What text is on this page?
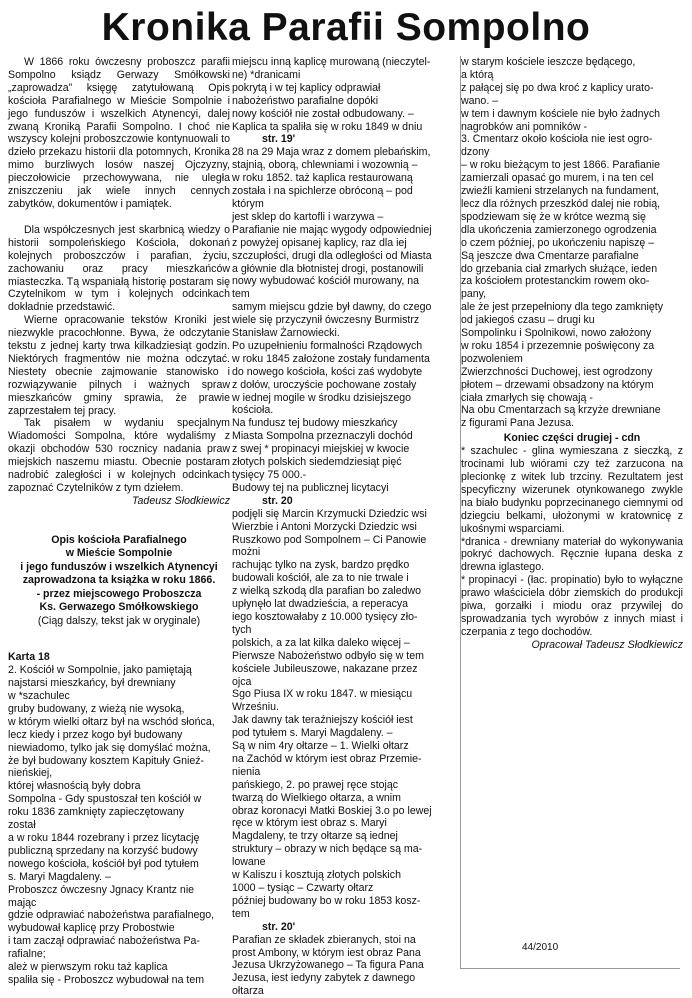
Kronika Parafii Sompolno

W 1866 roku ówczesny proboszcz parafii Sompolno ksiądz Gerwazy Smółkowski „zaprowadza” księgę zatytułowaną Opis kościoła Parafialnego w Mieście Sompolnie i jego funduszów i wszelkich Atynencyi, dalej zwaną Kroniką Parafii Sompolno. I choć nie wszyscy kolejni proboszczowie kontynuowali to dzieło przekazu historii dla potomnych, Kronika mimo burzliwych losów naszej Ojczyzny, pieczołowicie przechowywana, nie uległa zniszczeniu jak wiele innych cennych zabytków, dokumentów i pamiątek.

Dla współczesnych jest skarbnicą wiedzy o historii sompoleńskiego Kościoła, dokonań kolejnych proboszczów i parafian, życiu, zachowaniu oraz pracy mieszkańców miasteczka. Tą wspaniałą historię postaram się Czytelnikom w tym i kolejnych odcinkach dokładnie przedstawić.

Wierne opracowanie tekstów Kroniki jest niezwykle pracochłonne. Bywa, że odczytanie tekstu z jednej karty trwa kilkadziesiąt godzin. Niektórych fragmentów nie można odczytać. Niestety obecnie zajmowanie stanowisko i rozwiązywanie pilnych i ważnych spraw mieszkańców gminy sprawia, że prawie zaprzestałem tej pracy.

Tak pisałem w wydaniu specjalnym Wiadomości Sompolna, które wydaliśmy z okazji obchodów 530 rocznicy nadania praw miejskich naszemu miastu. Obecnie postaram nadrobić zaległości i w kolejnych odcinkach zapoznać Czytelników z tym dziełem.

Tadeusz Słodkiewicz

Opis kościoła Parafialnego
w Mieście Sompolnie
i jego funduszów i wszelkich Atynencyi
zaprowadzona ta książka w roku 1866.
- przez miejscowego Proboszcza
Ks. Gerwazego Smółkowskiego
(Ciąg dalszy, tekst jak w oryginale)
Karta 18
2. Kościół w Sompolnie, jako pamiętają
najstarsi mieszkańcy, był drewniany
w *szachulec
gruby budowany, z wieżą nie wysoką,
w którym wielki ołtarz był na wschód słońca,
lecz kiedy i przez kogo był budowany
niewiadomo, tylko jak się domyślać można,
że był budowany kosztem Kapituły Gnieź-
nieńskiej,
której własnością były dobra
Sompolna - Gdy spustoszał ten kościół w
roku 1836 zamknięty zapieczętowany
został
a w roku 1844 rozebrany i przez licytację
publiczną sprzedany na korzyść budowy
nowego kościoła, kościół był pod tytułem
s. Maryi Magdaleny. –
Proboszcz ówczesny Jgnacy Krantz nie
mając
gdzie odprawiać nabożeństwa parafialnego,
wybudował kaplicę przy Probostwie
i tam zaczął odprawiać nabożeństwa Pa-
rafialne;
ależ w pierwszym roku taż kaplica
spaliła się - Proboszcz wybudował na tem
miejscu inną kaplicę murowaną (nieczytel-
ne) *dranicami
pokrytą i w tej kaplicy odprawiał
nabożeństwo parafialne dopóki
nowy kościół nie został odbudowany. –
Kaplica ta spaliła się w roku 1849 w dniu
str. 19'
28 na 29 Maja wraz z domem plebańskim,
stajnią, oborą, chlewniami i wozownią –
w roku 1852. taż kaplica restaurowaną
została i na spichlerze obróconą – pod
którym
jest sklep do kartofli i warzywa –
Parafianie nie mając wygody odpowiedniej
z powyżej opisanej kaplicy, raz dla iej
szczupłości, drugi dla odległości od Miasta
a głównie dla błotnistej drogi, postanowili
nowy wybudować kościół murowany, na
tem
samym miejscu gdzie był dawny, do czego
wiele się przyczynił ówczesny Burmistrz
Stanisław Żarnowiecki.
Po uzupełnieniu formalności Rządowych
w roku 1845 założone zostały fundamenta
do nowego kościoła, kości zaś wydobyte
z dołów, uroczyście pochowane zostały
w iednej mogile w środku dzisiejszego
kościoła.
Na fundusz tej budowy mieszkańcy
Miasta Sompolna przeznaczyli dochód
z swej * propinacyi miejskiej w kwocie
złotych polskich siedemdziesiąt pięć
tysięcy 75 000.-
Budowy tej na publicznej licytacyi
str. 20
podjęli się Marcin Krzymucki Dziedzic wsi
Wierzbie i Antoni Morzycki Dziedzic wsi
Ruszkowo pod Sompolnem – Ci Panowie
możni
rachując tylko na zysk, bardzo prędko
budowali kościół, ale za to nie trwale i
z wielką szkodą dla parafian bo zaledwo
upłynęło lat dwadzieścia, a reperacya
iego kosztowałaby z 10.000 tysięcy zło-
tych
polskich, a za lat kilka daleko więcej –
Pierwsze Nabożeństwo odbyło się w tem
kościele Jubileuszowe, nakazane przez
ojca
Sgo Piusa IX w roku 1847. w miesiącu
Wrześniu.
Jak dawny tak teraźniejszy kościół iest
pod tytułem s. Maryi Magdaleny. –
Są w nim 4ry ołtarze – 1. Wielki ołtarz
na Zachód w którym iest obraz Przemie-
nienia
pańskiego, 2. po prawej ręce stojąc
twarzą do Wielkiego ołtarza, a wnim
obraz koronacyi Matki Boskiej 3.o po lewej
ręce w którym iest obraz s. Maryi
Magdaleny, te trzy ołtarze są iednej
struktury – obrazy w nich będące są ma-
lowane
w Kaliszu i kosztują złotych polskich
1000 – tysiąc – Czwarty ołtarz
później budowany bo w roku 1853 kosz-
tem
str. 20'
Parafian ze składek zbieranych, stoi na
prost Ambony, w którym iest obraz Pana
Jezusa Ukrzyżowanego – Ta figura Pana
Jezusa, iest iedyny zabytek z dawnego
ołtarza
w starym kościele ieszcze będącego,
a którą
z pałącej się po dwa kroć z kaplicy urato-
wano. –
w tem i dawnym kościele nie było żadnych
nagrobków ani pomników -
3. Cmentarz około kościoła nie iest ogro-
dzony
– w roku bieżącym to jest 1866. Parafianie
zamierzali opasać go murem, i na ten cel
zwieźli kamieni strzelanych na fundament,
lecz dla różnych przeszkód dalej nie robią,
spodziewam się że w krótce wezmą się
dla ukończenia zamierzonego ogrodzenia
o czem później, po ukończeniu napiszę –
Są jeszcze dwa Cmentarze parafialne
do grzebania ciał zmarłych służące, ieden
za kościołem protestanckim rowem oko-
pany,
ale że jest przepełniony dla tego zamknięty
od jakiegoś czasu – drugi ku
Sompolinku i Spolnikowi, nowo założony
w roku 1854 i przezemnie poświęcony za
pozwoleniem
Zwierzchności Duchowej, iest ogrodzony
płotem – drzewami obsadzony na którym
ciała zmarłych się chowają -
Na obu Cmentarzach są krzyże drewniane
z figurami Pana Jezusa.

Koniec części drugiej - cdn

* szachulec - glina wymieszana z sieczką, z trocinami lub wiórami czy też zarzucona na plecionkę z witek lub trzciny. Rezultatem jest specyficzny wizerunek otynkowanego zwykle na biało budynku poprzecinanego ciemnymi od dziegciu belkami, ułożonymi w kratownicę z ukośnymi wsparciami.

*dranica - drewniany materiał do wykonywania pokryć dachowych. Ręcznie łupana deska z drewna iglastego.

* propinacyi - (łac. propinatio) było to wyłączne prawo właściciela dóbr ziemskich do produkcji piwa, gorzałki i miodu oraz przywilej do sprowadzania tych wyrobów z innych miast i czerpania z tego dochodów.

Opracował Tadeusz Słodkiewicz

44/2010
